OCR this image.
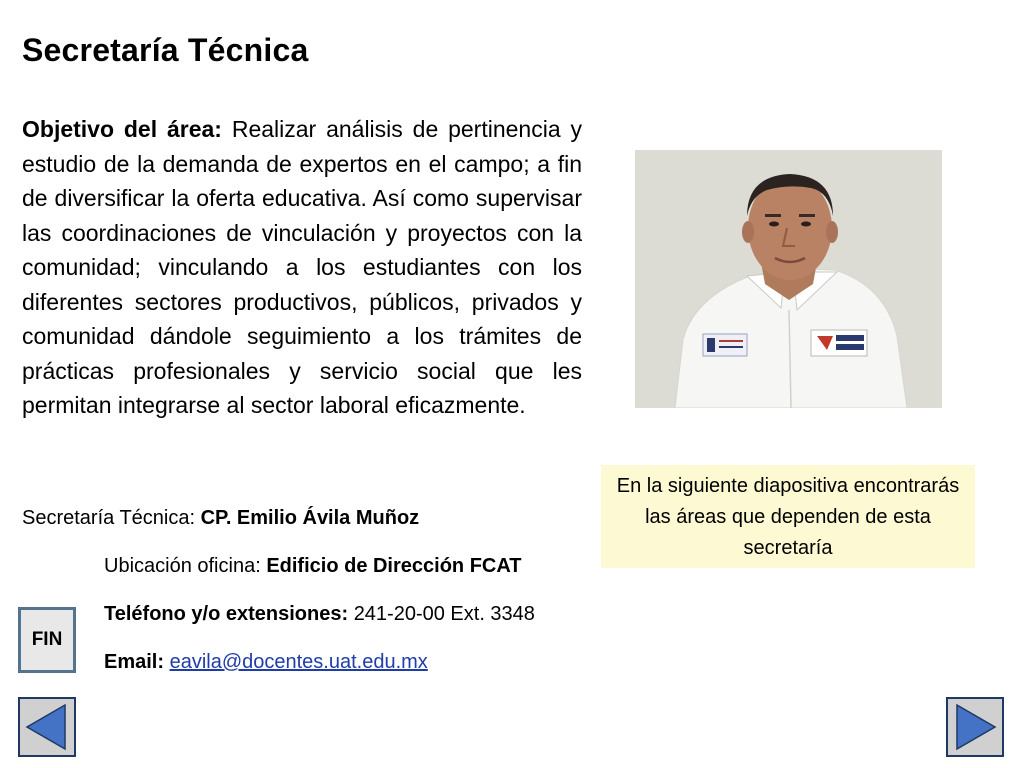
Secretaría Técnica
Objetivo del área: Realizar análisis de pertinencia y estudio de la demanda de expertos en el campo; a fin de diversificar la oferta educativa. Así como supervisar las coordinaciones de vinculación y proyectos con la comunidad; vinculando a los estudiantes con los diferentes sectores productivos, públicos, privados y comunidad dándole seguimiento a los trámites de prácticas profesionales y servicio social que les permitan integrarse al sector laboral eficazmente.
Secretaría Técnica: CP. Emilio Ávila Muñoz
Ubicación oficina: Edificio de Dirección FCAT
Teléfono y/o extensiones: 241-20-00 Ext. 3348
Email: eavila@docentes.uat.edu.mx
En la siguiente diapositiva encontrarás las áreas que dependen de esta secretaría
FIN
